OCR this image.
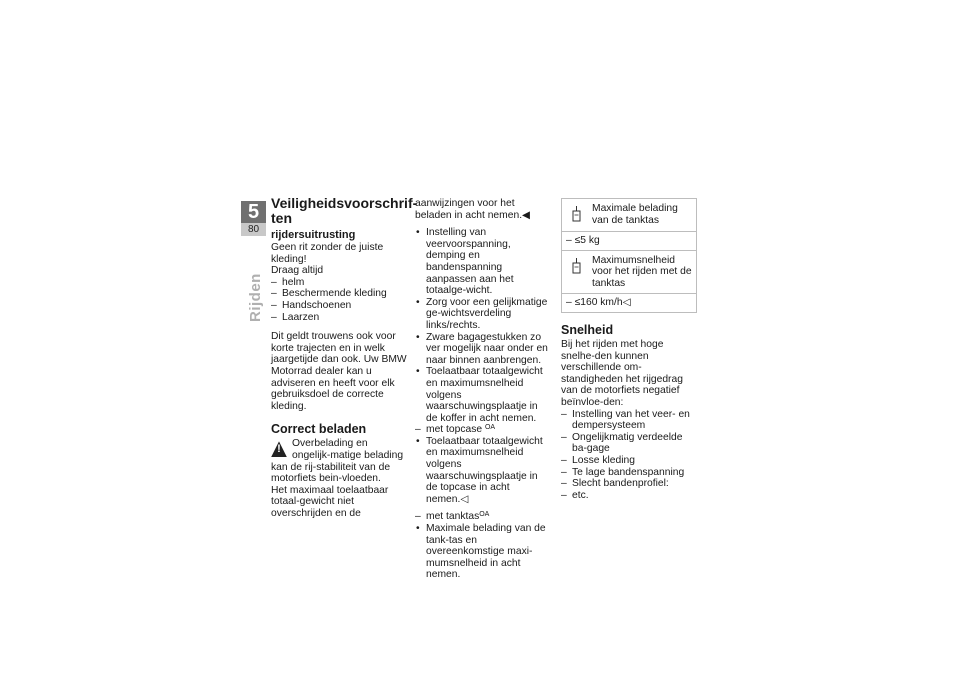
5
80
Rijden
Veiligheidsvoorschrif-ten
rijdersuitrusting

Geen rit zonder de juiste kleding!

Draag altijd

– helm
– Beschermende kleding
– Handschoenen
– Laarzen

Dit geldt trouwens ook voor korte trajecten en in welk jaargetijde dan ook. Uw BMW Motorrad dealer kan u adviseren en heeft voor elk gebruiksdoel de correcte kleding.

Correct beladen
!	Overbelading en ongelijk-matige belading kan de rij-stabiliteit van de motorfiets bein-vloeden.

Het maximaal toelaatbaar totaal-gewicht niet overschrijden en de

aanwijzingen voor het beladen in acht nemen.◀

• Instelling van veervoorspanning, demping en bandenspanning aanpassen aan het totaalge-wicht.
• Zorg voor een gelijkmatige ge-wichtsverdeling links/rechts.
• Zware bagagestukken zo ver mogelijk naar onder en naar binnen aanbrengen.
• Toelaatbaar totaalgewicht en maximumsnelheid volgens waarschuwingsplaatje in de koffer in acht nemen.
– met topcase $^{OA}$
• Toelaatbaar totaalgewicht en maximumsnelheid volgens waarschuwingsplaatje in de topcase in acht nemen.◁
– met tanktas$^{OA}$
• Maximale belading van de tank-tas en overeenkomstige maxi-mumsnelheid in acht nemen.
Maximale belading van de tanktas
– ≤5 kg
Maximumsnelheid voor het rijden met de tanktas
– ≤160 km/h◁
Snelheid

Bij het rijden met hoge snelhe-den kunnen verschillende om-standigheden het rijgedrag van de motorfiets negatief beïnvloe-den:

– Instelling van het veer- en dempersysteem
– Ongelijkmatig verdeelde ba-gage
– Losse kleding
– Te lage bandenspanning
– Slecht bandenprofiel:
– etc.
